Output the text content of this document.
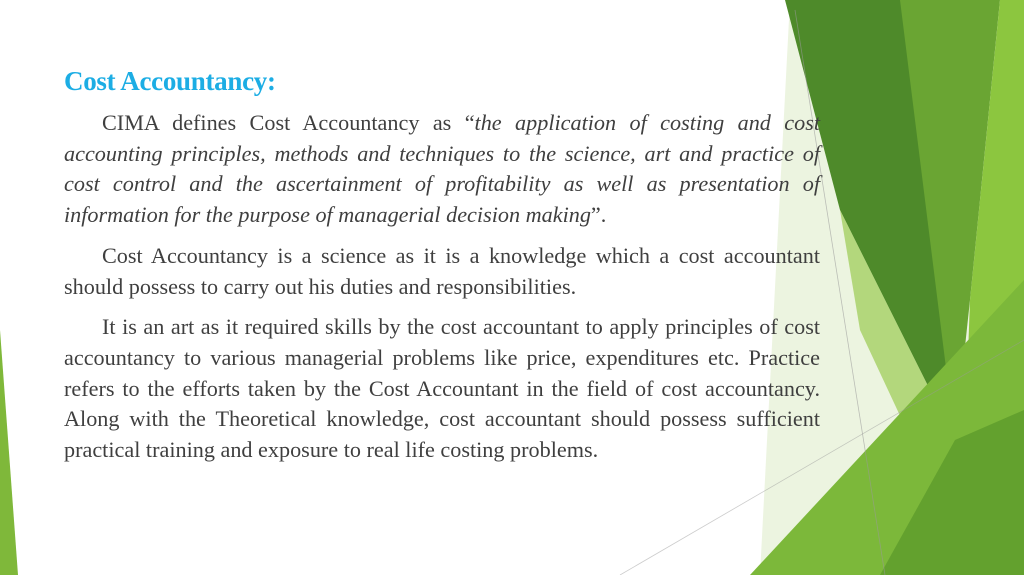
Cost Accountancy:

CIMA defines Cost Accountancy as “the application of costing and cost accounting principles, methods and techniques to the science, art and practice of cost control and the ascertainment of profitability as well as presentation of information for the purpose of managerial decision making”.

Cost Accountancy is a science as it is a knowledge which a cost accountant should possess to carry out his duties and responsibilities.

It is an art as it required skills by the cost accountant to apply principles of cost accountancy to various managerial problems like price, expenditures etc. Practice refers to the efforts taken by the Cost Accountant in the field of cost accountancy. Along with the Theoretical knowledge, cost accountant should possess sufficient practical training and exposure to real life costing problems.
